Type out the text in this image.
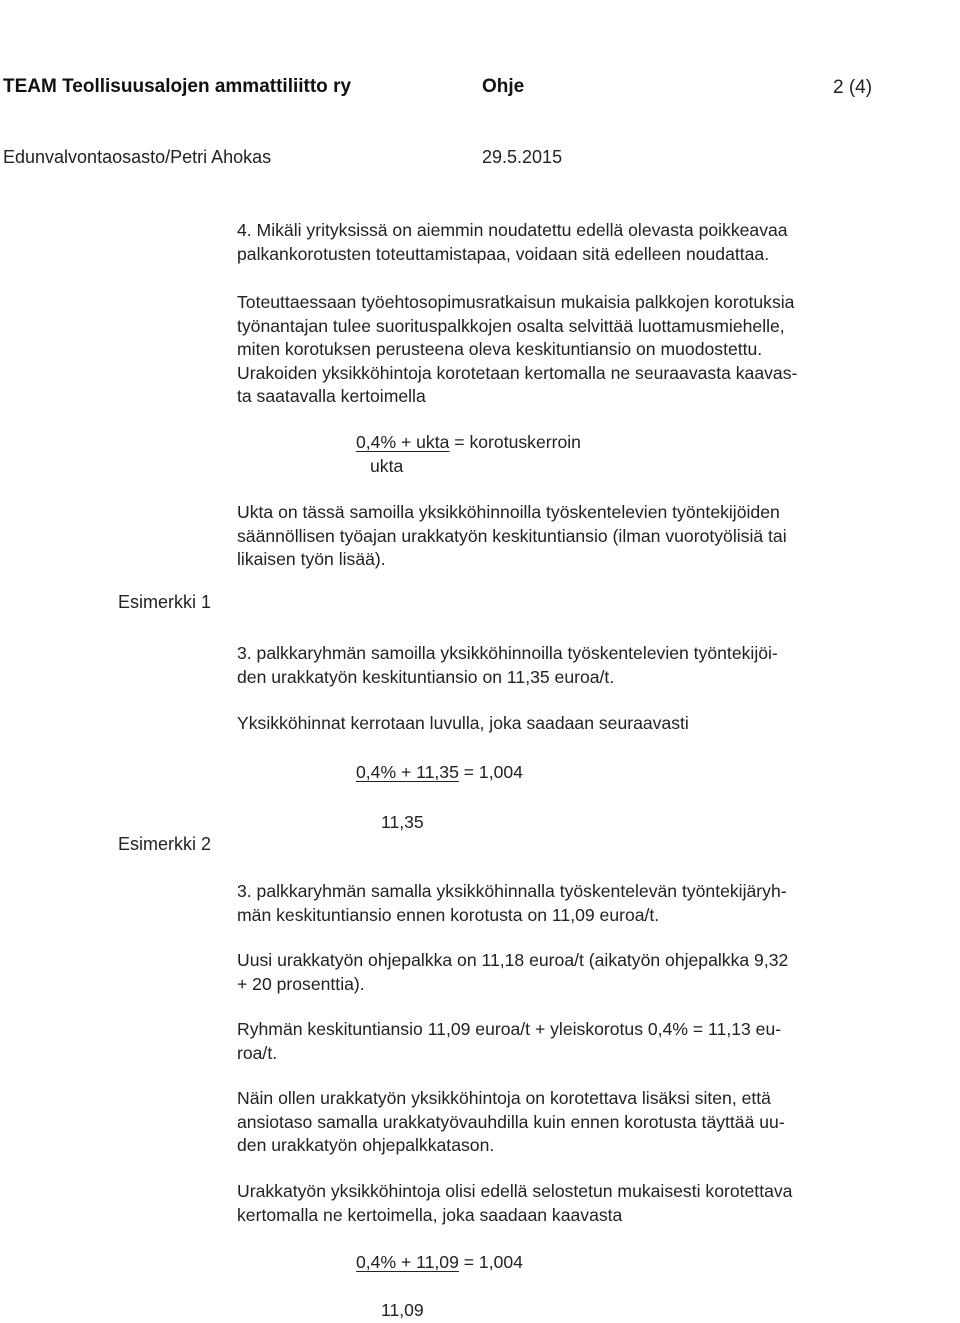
TEAM Teollisuusalojen ammattiliitto ry	Ohje	2 (4)
Edunvalvontaosasto/Petri Ahokas	29.5.2015
4. Mikäli yrityksissä on aiemmin noudatettu edellä olevasta poikkeavaa
palkankorotusten toteuttamistapaa, voidaan sitä edelleen noudattaa.
Toteuttaessaan työehtosopimusratkaisun mukaisia palkkojen korotuksia
työnantajan tulee suorituspalkkojen osalta selvittää luottamusmiehelle,
miten korotuksen perusteena oleva keskituntiansio on muodostettu.
Urakoiden yksikköhintoja korotetaan kertomalla ne seuraavasta kaavas-
ta saatavalla kertoimella
0,4% + ukta = korotuskerroin
ukta
Ukta on tässä samoilla yksikköhinnoilla työskentelevien työntekijöiden
säännöllisen työajan urakkatyön keskituntiansio (ilman vuorotyölisiä tai
likaisen työn lisää).
Esimerkki 1
3. palkkaryhmän samoilla yksikköhinnoilla työskentelevien työntekijöi-
den urakkatyön keskituntiansio on 11,35 euroa/t.
Yksikköhinnat kerrotaan luvulla, joka saadaan seuraavasti
0,4% + 11,35 = 1,004
11,35
Esimerkki 2
3. palkkaryhmän samalla yksikköhinnalla työskentelevän työntekijäryh-
män keskituntiansio ennen korotusta on 11,09 euroa/t.
Uusi urakkatyön ohjepalkka on 11,18 euroa/t (aikatyön ohjepalkka 9,32
+ 20 prosenttia).
Ryhmän keskituntiansio 11,09 euroa/t + yleiskorotus 0,4% = 11,13 eu-
roa/t.
Näin ollen urakkatyön yksikköhintoja on korotettava lisäksi siten, että
ansiotaso samalla urakkatyövauhdilla kuin ennen korotusta täyttää uu-
den urakkatyön ohjepalkkatason.
Urakkatyön yksikköhintoja olisi edellä selostetun mukaisesti korotettava
kertomalla ne kertoimella, joka saadaan kaavasta
0,4% + 11,09 = 1,004
11,09
